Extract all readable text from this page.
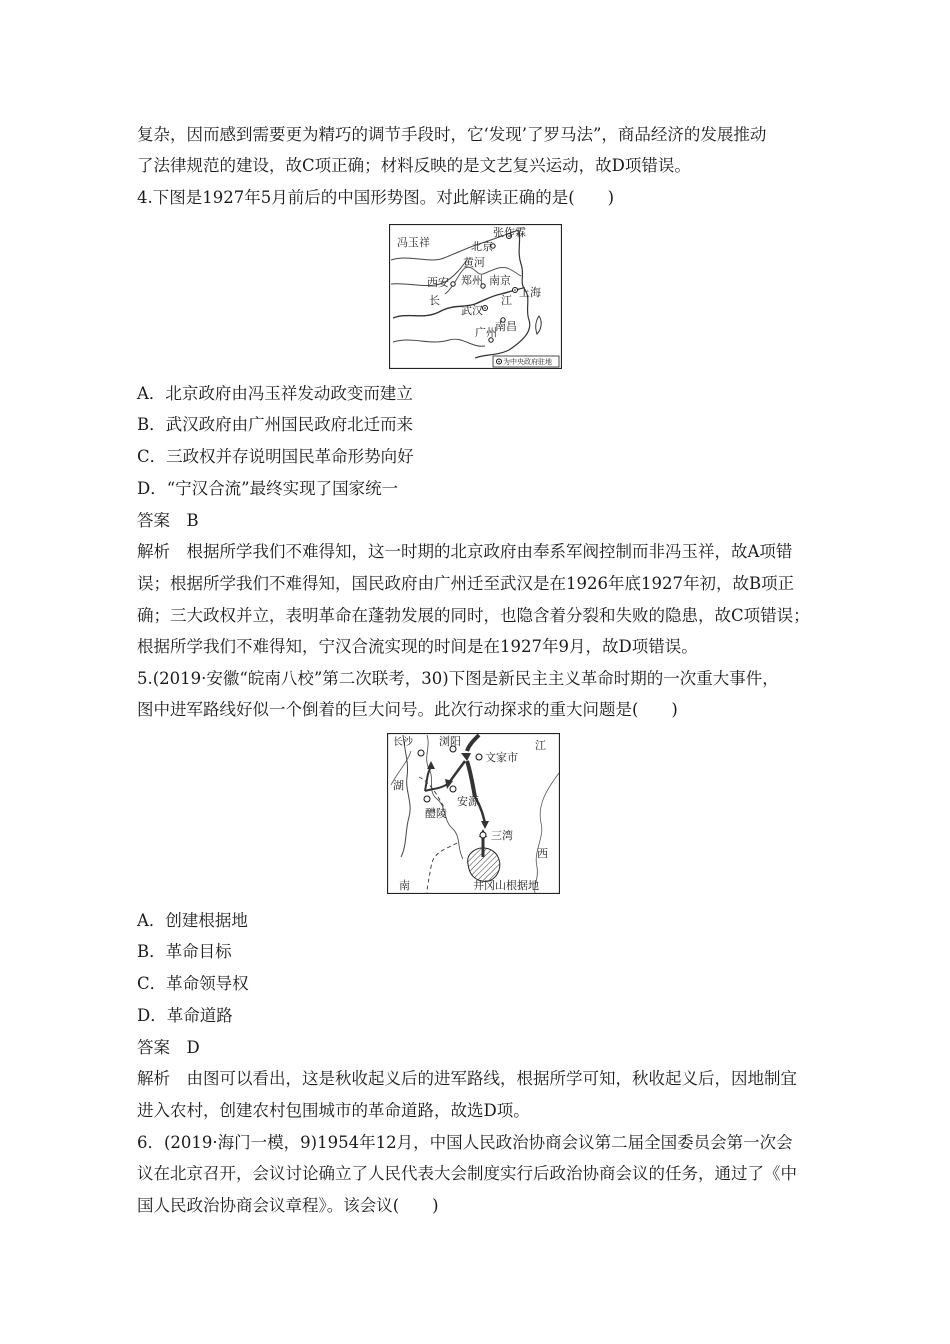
复杂，因而感到需要更为精巧的调节手段时，它‘发现’了罗马法”，商品经济的发展推动
了法律规范的建设，故C项正确；材料反映的是文艺复兴运动，故D项错误。
4.下图是1927年5月前后的中国形势图。对此解读正确的是(　　)
冯玉祥
张作霖
北京
黄河
西安 郑州 南京
上海
长	江
武汉
南昌
广州
为中央政府驻地
A．北京政府由冯玉祥发动政变而建立
B．武汉政府由广州国民政府北迁而来
C．三政权并存说明国民革命形势向好
D．“宁汉合流”最终实现了国家统一
答案　B
解析　根据所学我们不难得知，这一时期的北京政府由奉系军阀控制而非冯玉祥，故A项错
误；根据所学我们不难得知，国民政府由广州迁至武汉是在1926年底1927年初，故B项正
确；三大政权并立，表明革命在蓬勃发展的同时，也隐含着分裂和失败的隐患，故C项错误；
根据所学我们不难得知，宁汉合流实现的时间是在1927年9月，故D项错误。
5.(2019·安徽“皖南八校”第二次联考，30)下图是新民主主义革命时期的一次重大事件，
图中进军路线好似一个倒着的巨大问号。此次行动探求的重大问题是(　　)
长沙 浏阳
文家市
江
湖
醴陵
安源
三湾
西
南	井冈山根据地
A．创建根据地
B．革命目标
C．革命领导权
D．革命道路
答案　D
解析　由图可以看出，这是秋收起义后的进军路线，根据所学可知，秋收起义后，因地制宜
进入农村，创建农村包围城市的革命道路，故选D项。
6．(2019·海门一模，9)1954年12月，中国人民政治协商会议第二届全国委员会第一次会
议在北京召开，会议讨论确立了人民代表大会制度实行后政治协商会议的任务，通过了《中
国人民政治协商会议章程》。该会议(　　)
